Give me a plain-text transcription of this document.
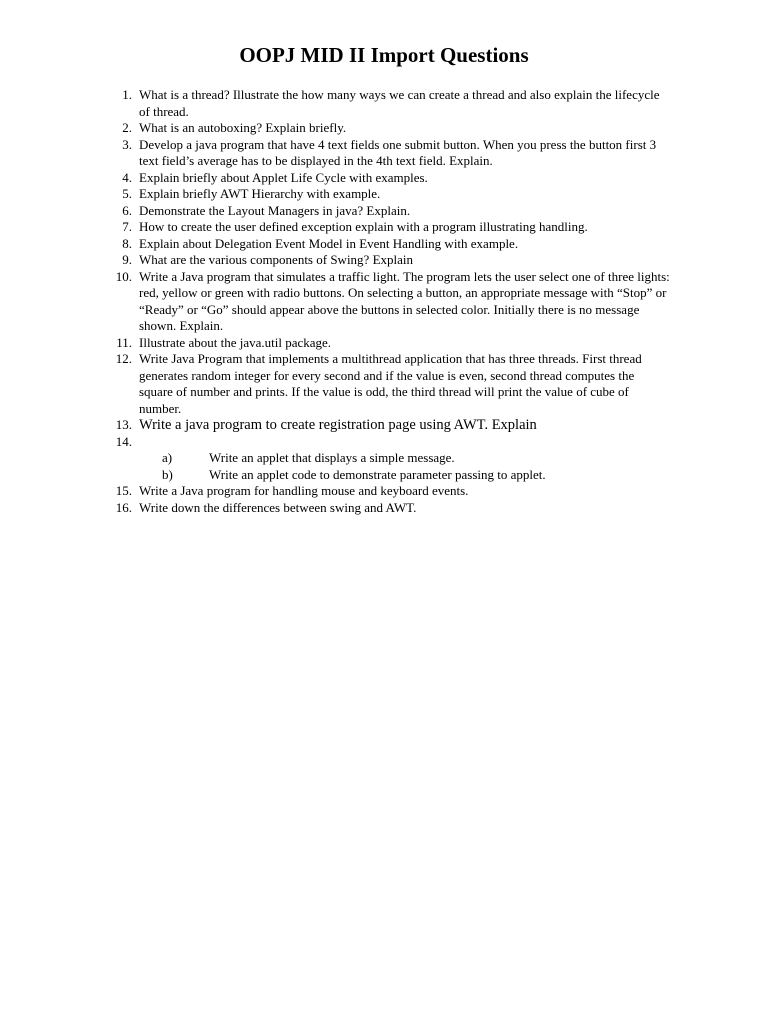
OOPJ MID II Import Questions
1. What is a thread? Illustrate the how many ways we can create a thread and also explain the lifecycle of thread.
2. What is an autoboxing? Explain briefly.
3. Develop a java program that have 4 text fields one submit button. When you press the button first 3 text field’s average has to be displayed in the 4th text field. Explain.
4. Explain briefly about Applet Life Cycle with examples.
5. Explain briefly AWT Hierarchy with example.
6. Demonstrate the Layout Managers in java? Explain.
7. How to create the user defined exception explain with a program illustrating handling.
8. Explain about Delegation Event Model in Event Handling with example.
9. What are the various components of Swing? Explain
10. Write a Java program that simulates a traffic light. The program lets the user select one of three lights: red, yellow or green with radio buttons. On selecting a button, an appropriate message with “Stop” or “Ready” or “Go” should appear above the buttons in selected color. Initially there is no message shown. Explain.
11. Illustrate about the java.util package.
12. Write Java Program that implements a multithread application that has three threads. First thread generates random integer for every second and if the value is even, second thread computes the square of number and prints. If the value is odd, the third thread will print the value of cube of number.
13. Write a java program to create registration page using AWT. Explain
14.
a)	Write an applet that displays a simple message.
b)	Write an applet code to demonstrate parameter passing to applet.
15. Write a Java program for handling mouse and keyboard events.
16. Write down the differences between swing and AWT.
